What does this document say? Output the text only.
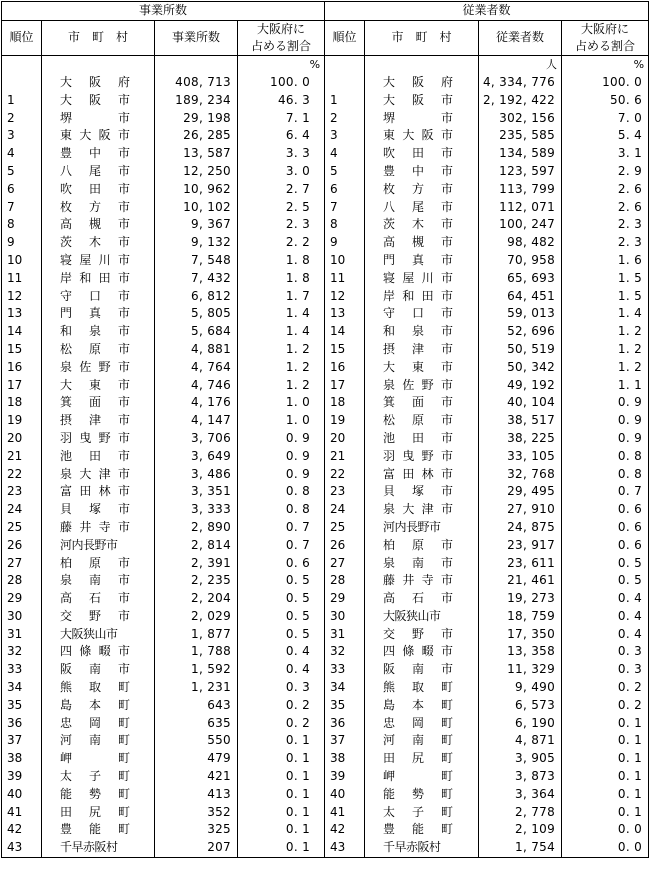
事業所数				従業者数			
順位	市　町　村	事業所数	大阪府に
占める割合	順位	市　町　村	従業者数	大阪府に
占める割合
			%			人	%
	大阪府	408, 713	100. 0		大阪府	4, 334, 776	100. 0
1	大阪市	189, 234	46. 3	1	大阪市	2, 192, 422	50. 6
2	堺市	29, 198	7. 1	2	堺市	302, 156	7. 0
3	東大阪市	26, 285	6. 4	3	東大阪市	235, 585	5. 4
4	豊中市	13, 587	3. 3	4	吹田市	134, 589	3. 1
5	八尾市	12, 250	3. 0	5	豊中市	123, 597	2. 9
6	吹田市	10, 962	2. 7	6	枚方市	113, 799	2. 6
7	枚方市	10, 102	2. 5	7	八尾市	112, 071	2. 6
8	高槻市	9, 367	2. 3	8	茨木市	100, 247	2. 3
9	茨木市	9, 132	2. 2	9	高槻市	98, 482	2. 3
10	寝屋川市	7, 548	1. 8	10	門真市	70, 958	1. 6
11	岸和田市	7, 432	1. 8	11	寝屋川市	65, 693	1. 5
12	守口市	6, 812	1. 7	12	岸和田市	64, 451	1. 5
13	門真市	5, 805	1. 4	13	守口市	59, 013	1. 4
14	和泉市	5, 684	1. 4	14	和泉市	52, 696	1. 2
15	松原市	4, 881	1. 2	15	摂津市	50, 519	1. 2
16	泉佐野市	4, 764	1. 2	16	大東市	50, 342	1. 2
17	大東市	4, 746	1. 2	17	泉佐野市	49, 192	1. 1
18	箕面市	4, 176	1. 0	18	箕面市	40, 104	0. 9
19	摂津市	4, 147	1. 0	19	松原市	38, 517	0. 9
20	羽曳野市	3, 706	0. 9	20	池田市	38, 225	0. 9
21	池田市	3, 649	0. 9	21	羽曳野市	33, 105	0. 8
22	泉大津市	3, 486	0. 9	22	富田林市	32, 768	0. 8
23	富田林市	3, 351	0. 8	23	貝塚市	29, 495	0. 7
24	貝塚市	3, 333	0. 8	24	泉大津市	27, 910	0. 6
25	藤井寺市	2, 890	0. 7	25	河内長野市	24, 875	0. 6
26	河内長野市	2, 814	0. 7	26	柏原市	23, 917	0. 6
27	柏原市	2, 391	0. 6	27	泉南市	23, 611	0. 5
28	泉南市	2, 235	0. 5	28	藤井寺市	21, 461	0. 5
29	高石市	2, 204	0. 5	29	高石市	19, 273	0. 4
30	交野市	2, 029	0. 5	30	大阪狭山市	18, 759	0. 4
31	大阪狭山市	1, 877	0. 5	31	交野市	17, 350	0. 4
32	四條畷市	1, 788	0. 4	32	四條畷市	13, 358	0. 3
33	阪南市	1, 592	0. 4	33	阪南市	11, 329	0. 3
34	熊取町	1, 231	0. 3	34	熊取町	9, 490	0. 2
35	島本町	643	0. 2	35	島本町	6, 573	0. 2
36	忠岡町	635	0. 2	36	忠岡町	6, 190	0. 1
37	河南町	550	0. 1	37	河南町	4, 871	0. 1
38	岬町	479	0. 1	38	田尻町	3, 905	0. 1
39	太子町	421	0. 1	39	岬町	3, 873	0. 1
40	能勢町	413	0. 1	40	能勢町	3, 364	0. 1
41	田尻町	352	0. 1	41	太子町	2, 778	0. 1
42	豊能町	325	0. 1	42	豊能町	2, 109	0. 0
43	千早赤阪村	207	0. 1	43	千早赤阪村	1, 754	0. 0
